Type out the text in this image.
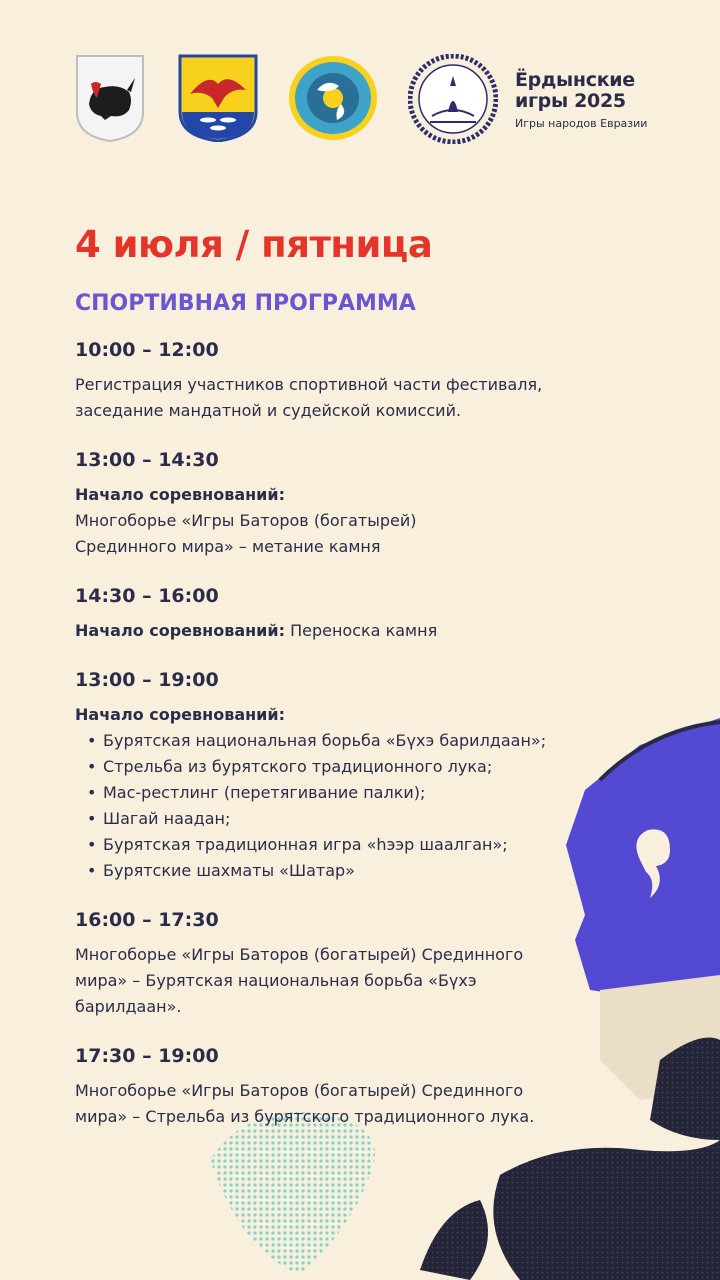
Ёрдынские
игры 2025
Игры народов Евразии
4 июля / пятница
СПОРТИВНАЯ ПРОГРАММА
10:00 – 12:00
Регистрация участников спортивной части фестиваля,
заседание мандатной и судейской комиссий.
13:00 – 14:30
Начало соревнований:
Многоборье «Игры Баторов (богатырей)
Срединного мира» – метание камня
14:30 – 16:00
Начало соревнований: Переноска камня
13:00 – 19:00
Начало соревнований:
• Бурятская национальная борьба «Бүхэ барилдаан»;
• Стрельба из бурятского традиционного лука;
• Мас-рестлинг (перетягивание палки);
• Шагай наадан;
• Бурятская традиционная игра «һээр шаалган»;
• Бурятские шахматы «Шатар»
16:00 – 17:30
Многоборье «Игры Баторов (богатырей) Срединного
мира» – Бурятская национальная борьба «Бүхэ
барилдаан».
17:30 – 19:00
Многоборье «Игры Баторов (богатырей) Срединного
мира» – Стрельба из бурятского традиционного лука.
